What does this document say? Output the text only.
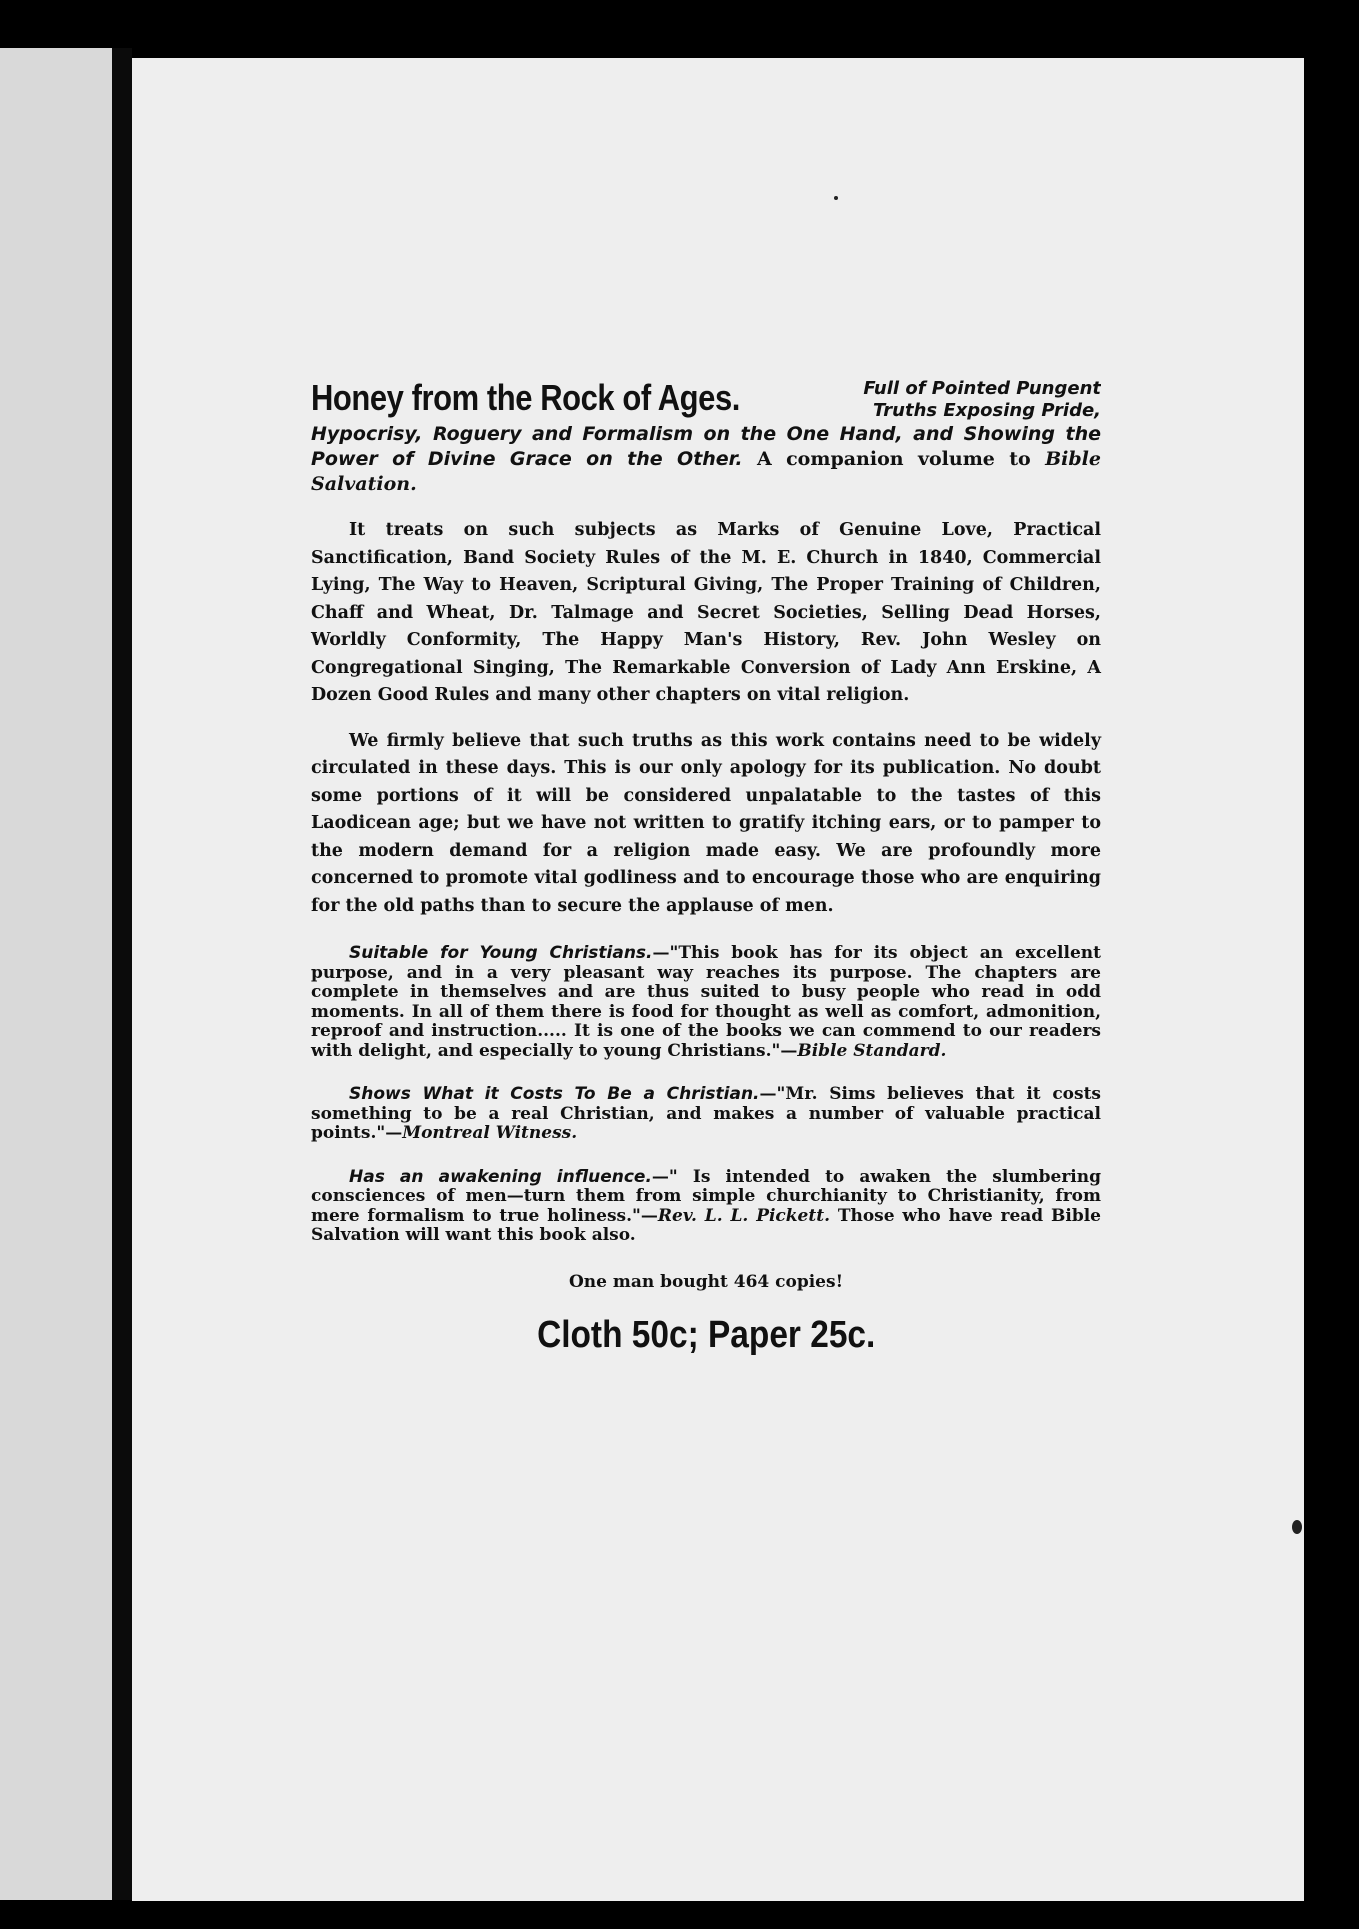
Honey from the Rock of Ages.	Full of Pointed Pungent
Truths Exposing Pride,
Hypocrisy, Roguery and Formalism on the One Hand, and Showing the Power of Divine Grace on the Other. A companion volume to Bible Salvation.

It treats on such subjects as Marks of Genuine Love, Practical Sanctification, Band Society Rules of the M. E. Church in 1840, Commercial Lying, The Way to Heaven, Scriptural Giving, The Proper Training of Children, Chaff and Wheat, Dr. Talmage and Secret Societies, Selling Dead Horses, Worldly Conformity, The Happy Man's History, Rev. John Wesley on Congregational Singing, The Remarkable Conversion of Lady Ann Erskine, A Dozen Good Rules and many other chapters on vital religion.

We firmly believe that such truths as this work contains need to be widely circulated in these days. This is our only apology for its publication. No doubt some portions of it will be considered unpalatable to the tastes of this Laodicean age; but we have not written to gratify itching ears, or to pamper to the modern demand for a religion made easy. We are profoundly more concerned to promote vital godliness and to encourage those who are enquiring for the old paths than to secure the applause of men.

Suitable for Young Christians.—"This book has for its object an excellent purpose, and in a very pleasant way reaches its purpose. The chapters are complete in themselves and are thus suited to busy people who read in odd moments. In all of them there is food for thought as well as comfort, admonition, reproof and instruction..... It is one of the books we can commend to our readers with delight, and especially to young Christians."—Bible Standard.

Shows What it Costs To Be a Christian.—"Mr. Sims believes that it costs something to be a real Christian, and makes a number of valuable practical points."—Montreal Witness.

Has an awakening influence.—" Is intended to awaken the slumbering consciences of men—turn them from simple churchianity to Christianity, from mere formalism to true holiness."—Rev. L. L. Pickett. Those who have read Bible Salvation will want this book also.

One man bought 464 copies!

Cloth 50c; Paper 25c.
